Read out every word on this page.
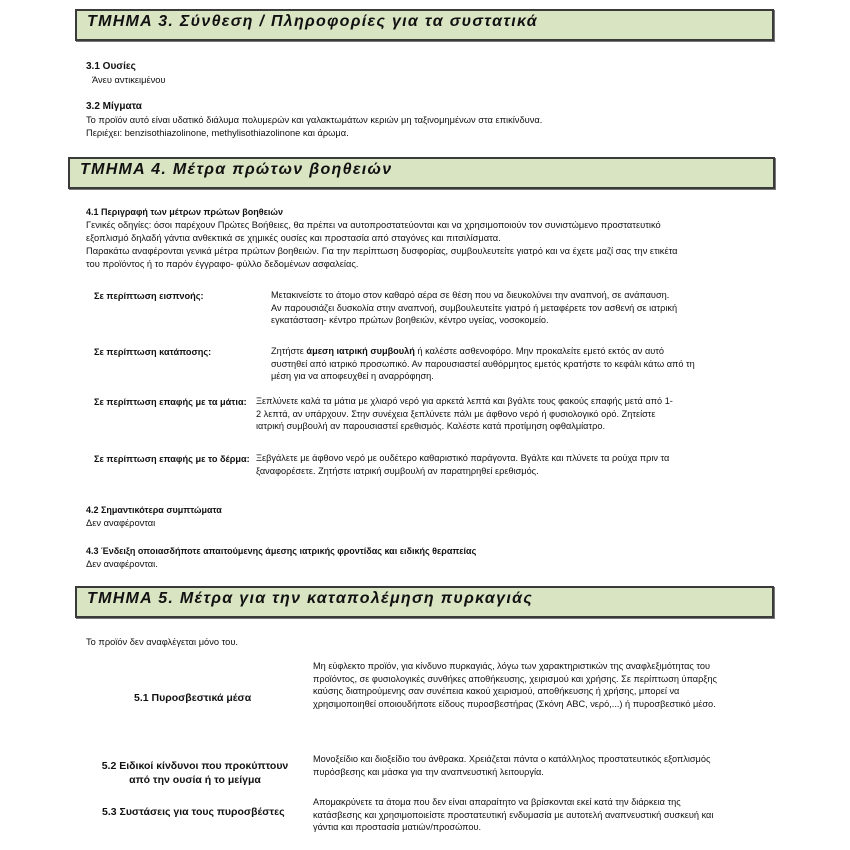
ΤΜΗΜΑ 3. Σύνθεση / Πληροφορίες για τα συστατικά
3.1 Ουσίες
Άνευ αντικειμένου
3.2 Μίγματα
Το προϊόν αυτό είναι υδατικό διάλυμα πολυμερών και γαλακτωμάτων κεριών μη ταξινομημένων στα επικίνδυνα.
Περιέχει: benzisothiazolinone, methylisothiazolinone και άρωμα.
ΤΜΗΜΑ 4. Μέτρα πρώτων βοηθειών
4.1 Περιγραφή των μέτρων πρώτων βοηθειών
Γενικές οδηγίες: όσοι παρέχουν Πρώτες Βοήθειες, θα πρέπει να αυτοπροστατεύονται και να χρησιμοποιούν τον συνιστώμενο προστατευτικό
εξοπλισμό δηλαδή γάντια ανθεκτικά σε χημικές ουσίες και προστασία από σταγόνες και πιτσιλίσματα.
Παρακάτω αναφέρονται γενικά μέτρα πρώτων βοηθειών. Για την περίπτωση δυσφορίας, συμβουλευτείτε γιατρό και να έχετε μαζί σας την ετικέτα
του προϊόντος ή το παρόν έγγραφο- φύλλο δεδομένων ασφαλείας.
Σε περίπτωση εισπνοής:	Μετακινείστε το άτομο στον καθαρό αέρα σε θέση που να διευκολύνει την αναπνοή, σε ανάπαυση.

Αν παρουσιάζει δυσκολία στην αναπνοή, συμβουλευτείτε γιατρό ή μεταφέρετε τον ασθενή σε ιατρική

εγκατάσταση- κέντρο πρώτων βοηθειών, κέντρο υγείας, νοσοκομείο.

Σε περίπτωση κατάποσης:	Ζητήστε άμεση ιατρική συμβουλή ή καλέστε ασθενοφόρο. Μην προκαλείτε εμετό εκτός αν αυτό

συστηθεί από ιατρικό προσωπικό. Αν παρουσιαστεί αυθόρμητος εμετός κρατήστε το κεφάλι κάτω από τη

μέση για να αποφευχθεί η αναρρόφηση.

Σε περίπτωση επαφής με τα μάτια: Ξεπλύνετε καλά τα μάτια με χλιαρό νερό για αρκετά λεπτά και βγάλτε τους φακούς επαφής μετά από 1-

2 λεπτά, αν υπάρχουν. Στην συνέχεια ξεπλύνετε πάλι με άφθονο νερό ή φυσιολογικό ορό. Ζητείστε

ιατρική συμβουλή αν παρουσιαστεί ερεθισμός. Καλέστε κατά προτίμηση οφθαλμίατρο.

Σε περίπτωση επαφής με το δέρμα: Ξεβγάλετε με άφθονο νερό με ουδέτερο καθαριστικό παράγοντα. Βγάλτε και πλύνετε τα ρούχα πριν τα

ξαναφορέσετε. Ζητήστε ιατρική συμβουλή αν παρατηρηθεί ερεθισμός.

4.2 Σημαντικότερα συμπτώματα
Δεν αναφέρονται
4.3 Ένδειξη οποιασδήποτε απαιτούμενης άμεσης ιατρικής φροντίδας και ειδικής θεραπείας
Δεν αναφέρονται.
ΤΜΗΜΑ 5. Μέτρα για την καταπολέμηση πυρκαγιάς
Το προϊόν δεν αναφλέγεται μόνο του.
5.1 Πυροσβεστικά μέσα

Μη εύφλεκτο προϊόν, για κίνδυνο πυρκαγιάς, λόγω των χαρακτηριστικών της αναφλεξιμότητας του

προϊόντος, σε φυσιολογικές συνθήκες αποθήκευσης, χειρισμού και χρήσης. Σε περίπτωση ύπαρξης

καύσης διατηρούμενης σαν συνέπεια κακού χειρισμού, αποθήκευσης ή χρήσης, μπορεί να

χρησιμοποιηθεί οποιουδήποτε είδους πυροσβεστήρας (Σκόνη ABC, νερό,...) ή πυροσβεστικό μέσο.

5.2 Ειδικοί κίνδυνοι που προκύπτουν
από την ουσία ή το μείγμα

Μονοξείδιο και διοξείδιο του άνθρακα. Χρειάζεται πάντα ο κατάλληλος προστατευτικός εξοπλισμός

πυρόσβεσης και μάσκα για την αναπνευστική λειτουργία.

5.3 Συστάσεις για τους πυροσβέστες

Απομακρύνετε τα άτομα που δεν είναι απαραίτητο να βρίσκονται εκεί κατά την διάρκεια της

κατάσβεσης και χρησιμοποιείστε προστατευτική ενδυμασία με αυτοτελή αναπνευστική συσκευή και

γάντια και προστασία ματιών/προσώπου.
